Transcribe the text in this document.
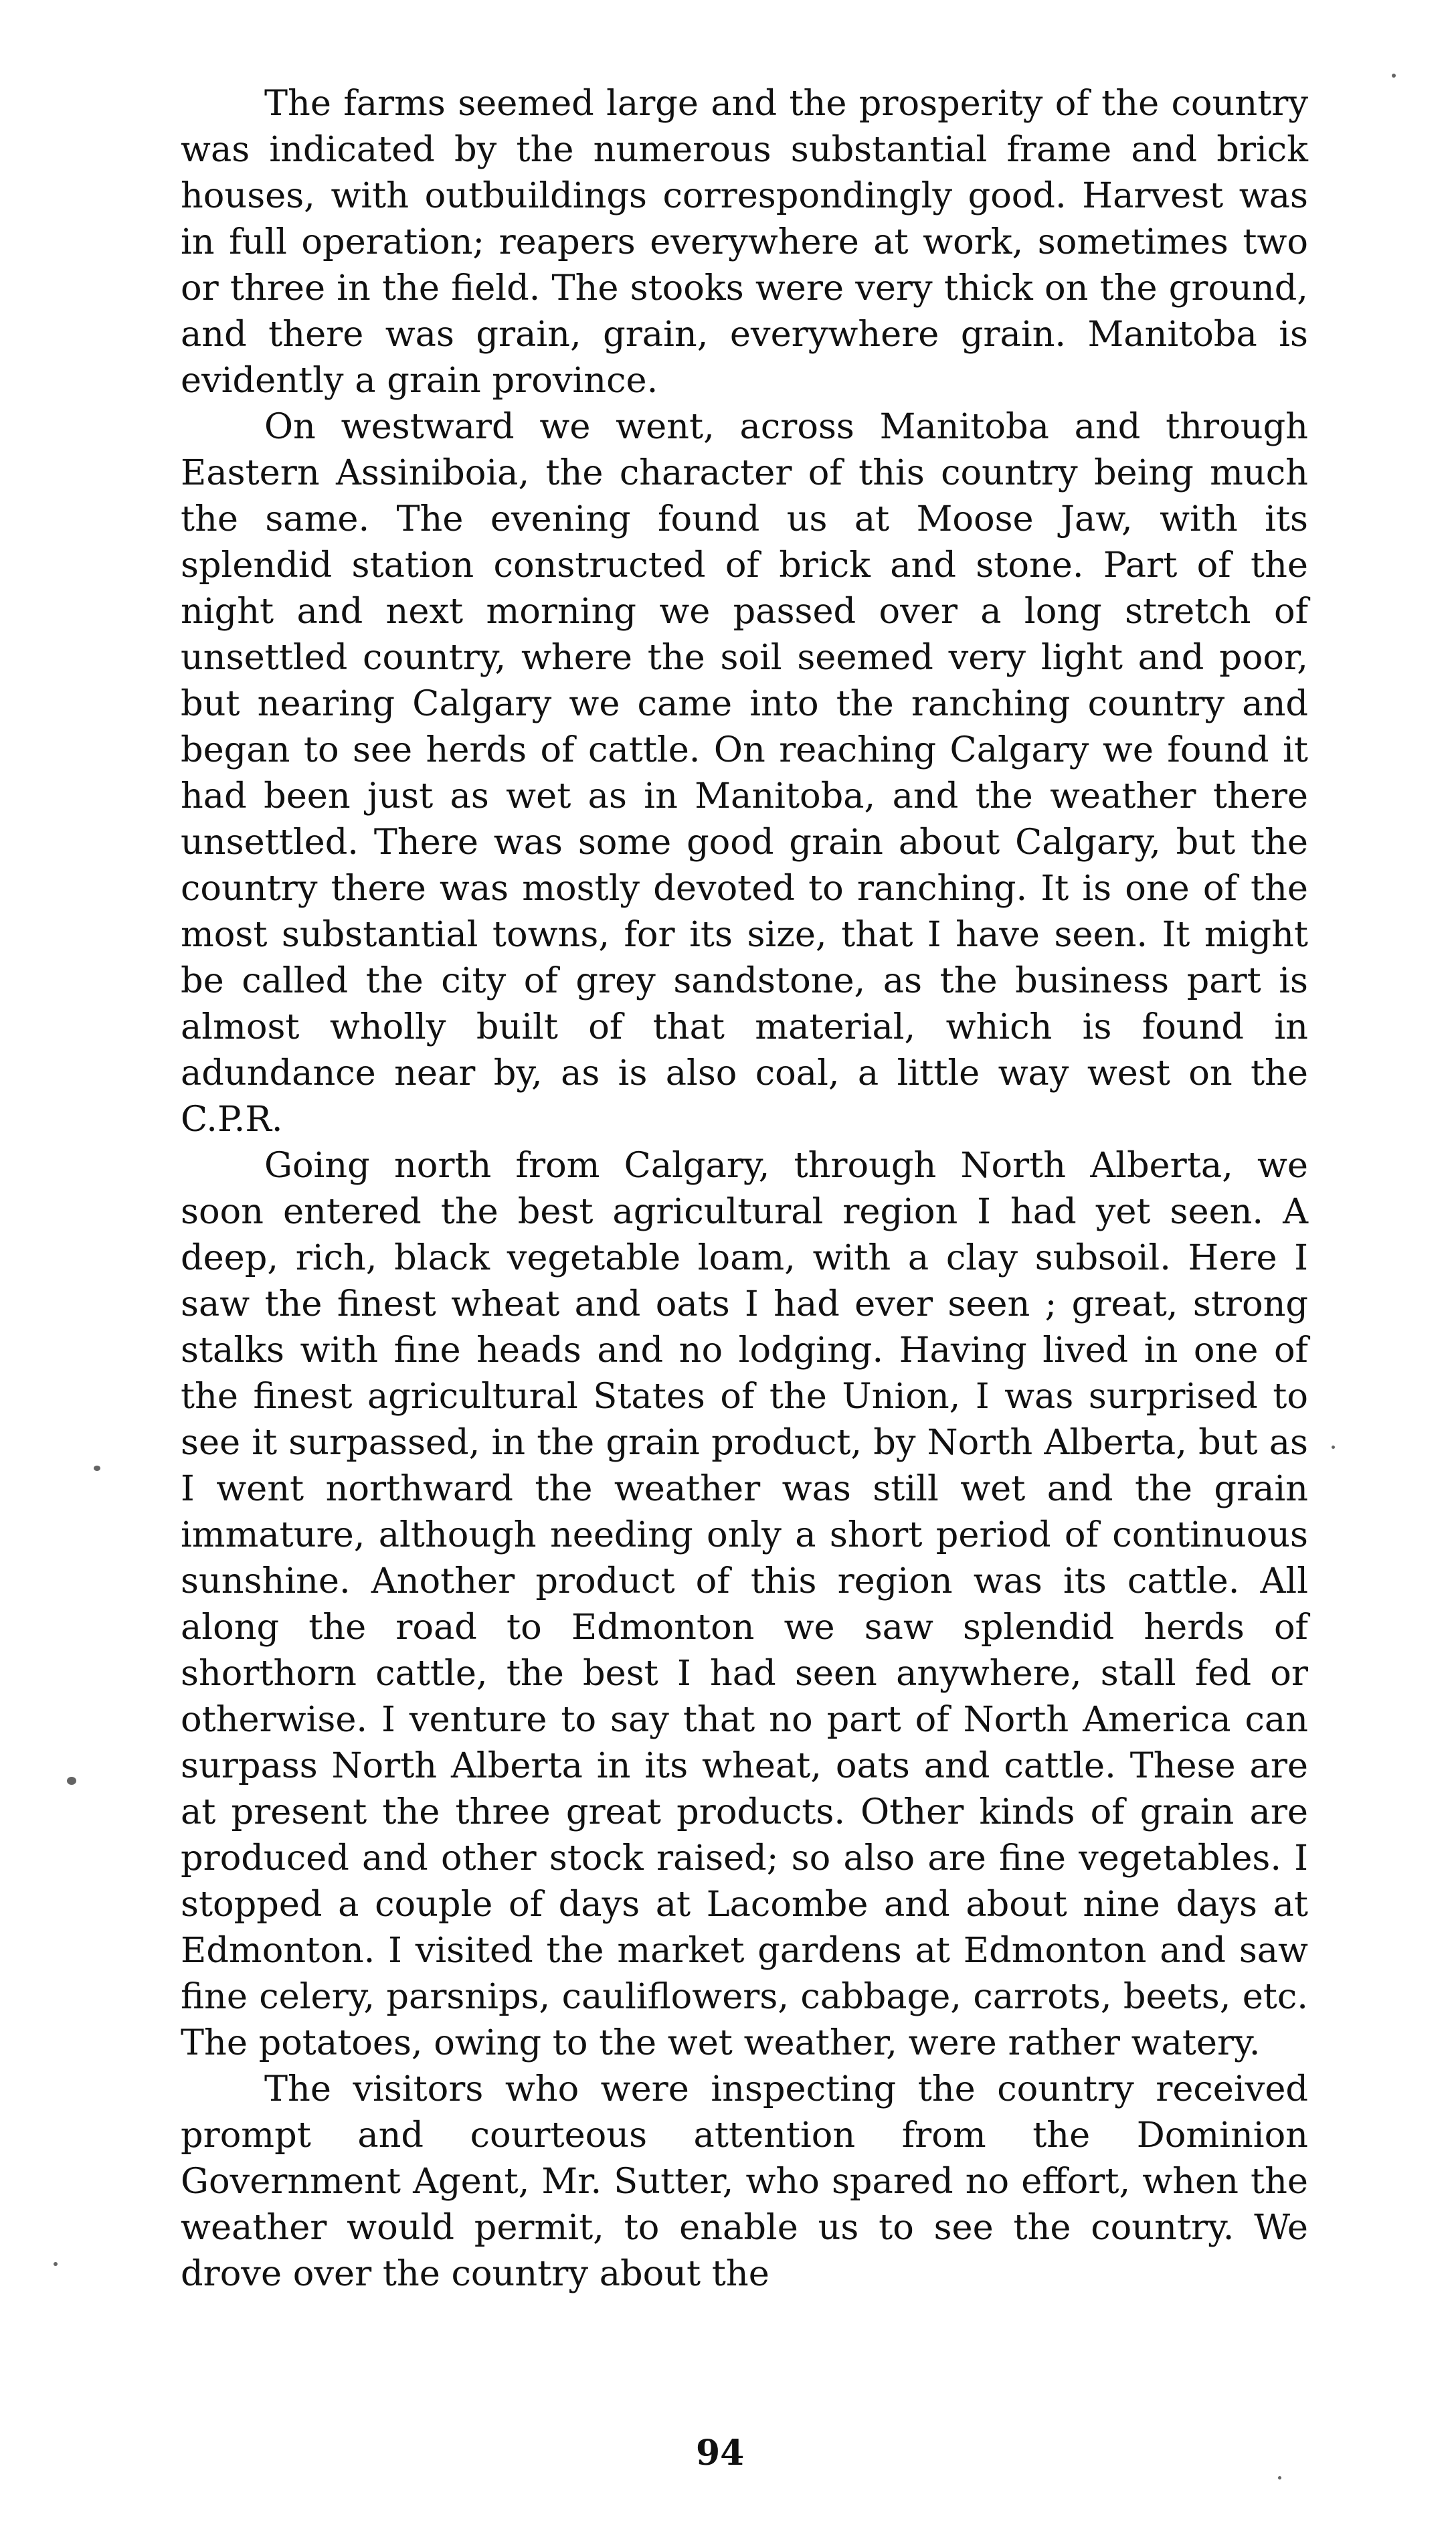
The farms seemed large and the prosperity of the country was indicated by the numerous substantial frame and brick houses, with outbuildings correspondingly good. Harvest was in full operation; reapers everywhere at work, sometimes two or three in the field. The stooks were very thick on the ground, and there was grain, grain, everywhere grain. Manitoba is evidently a grain province.

On westward we went, across Manitoba and through Eastern Assiniboia, the character of this country being much the same. The evening found us at Moose Jaw, with its splendid station constructed of brick and stone. Part of the night and next morning we passed over a long stretch of unsettled country, where the soil seemed very light and poor, but nearing Calgary we came into the ranching country and began to see herds of cattle. On reaching Calgary we found it had been just as wet as in Manitoba, and the weather there unsettled. There was some good grain about Calgary, but the country there was mostly devoted to ranching. It is one of the most substantial towns, for its size, that I have seen. It might be called the city of grey sandstone, as the business part is almost wholly built of that material, which is found in adundance near by, as is also coal, a little way west on the C.P.R.

Going north from Calgary, through North Alberta, we soon entered the best agricultural region I had yet seen. A deep, rich, black vegetable loam, with a clay subsoil. Here I saw the finest wheat and oats I had ever seen ; great, strong stalks with fine heads and no lodging. Having lived in one of the finest agricultural States of the Union, I was surprised to see it surpassed, in the grain product, by North Alberta, but as I went northward the weather was still wet and the grain immature, although needing only a short period of continuous sunshine. Another product of this region was its cattle. All along the road to Edmonton we saw splendid herds of shorthorn cattle, the best I had seen anywhere, stall fed or otherwise. I venture to say that no part of North America can surpass North Alberta in its wheat, oats and cattle. These are at present the three great products. Other kinds of grain are produced and other stock raised; so also are fine vegetables. I stopped a couple of days at Lacombe and about nine days at Edmonton. I visited the market gardens at Edmonton and saw fine celery, parsnips, cauliflowers, cabbage, carrots, beets, etc. The potatoes, owing to the wet weather, were rather watery.

The visitors who were inspecting the country received prompt and courteous attention from the Dominion Government Agent, Mr. Sutter, who spared no effort, when the weather would permit, to enable us to see the country. We drove over the country about the

94
